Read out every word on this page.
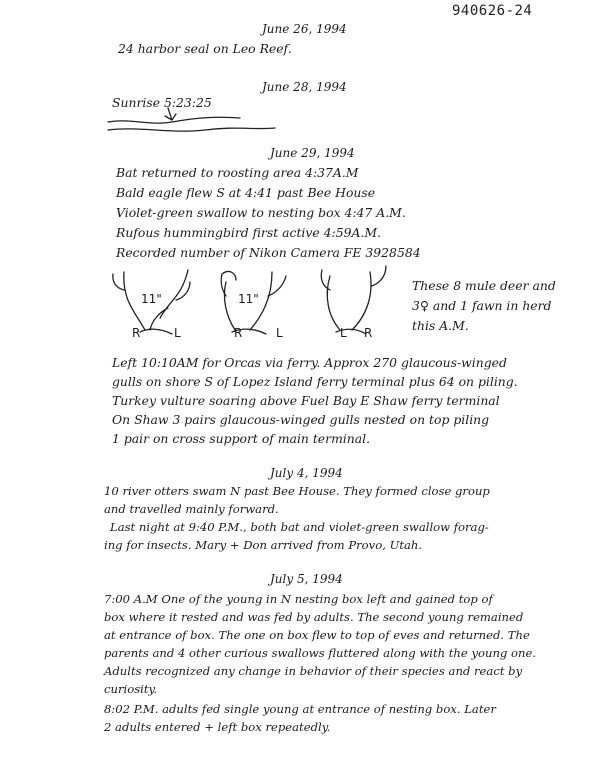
940626-24
June 26, 1994
24 harbor seal on Leo Reef.
June 28, 1994
Sunrise 5:23:25
June 29, 1994
Bat returned to roosting area 4:37A.M
Bald eagle flew S at 4:41 past Bee House
Violet-green swallow to nesting box 4:47 A.M.
Rufous hummingbird first active 4:59A.M.
Recorded number of Nikon Camera FE 3928584
11"	11"
R	L	R	L	L R
These 8 mule deer and 3♀ and 1 fawn in herd this A.M.
Left 10:10AM for Orcas via ferry. Approx 270 glaucous-winged
gulls on shore S of Lopez Island ferry terminal plus 64 on piling.
Turkey vulture soaring above Fuel Bay E Shaw ferry terminal
On Shaw 3 pairs glaucous-winged gulls nested on top piling
1 pair on cross support of main terminal.
July 4, 1994
10 river otters swam N past Bee House. They formed close group
and travelled mainly forward.
Last night at 9:40 P.M., both bat and violet-green swallow forag-
ing for insects. Mary + Don arrived from Provo, Utah.
July 5, 1994
7:00 A.M One of the young in N nesting box left and gained top of
box where it rested and was fed by adults. The second young remained
at entrance of box. The one on box flew to top of eves and returned. The
parents and 4 other curious swallows fluttered along with the young one.
Adults recognized any change in behavior of their species and react by
curiosity.
8:02 P.M. adults fed single young at entrance of nesting box. Later
2 adults entered + left box repeatedly.
